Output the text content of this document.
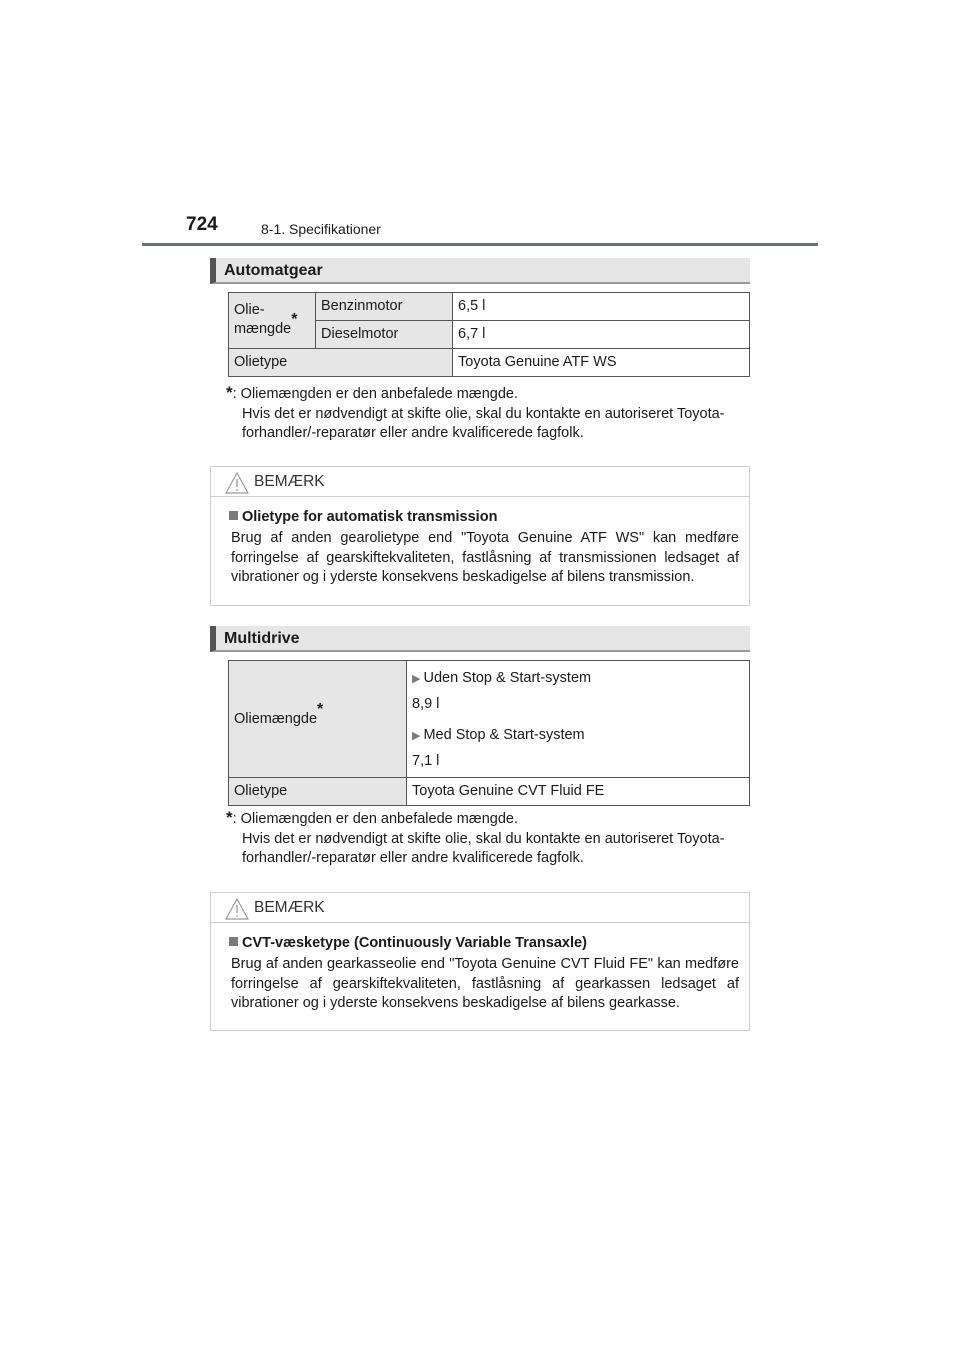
724	8-1. Specifikationer
Automatgear
Olie-
mængde*	Benzinmotor	6,5 l
	Dieselmotor	6,7 l
Olietype		Toyota Genuine ATF WS
*: Oliemængden er den anbefalede mængde.
Hvis det er nødvendigt at skifte olie, skal du kontakte en autoriseret Toyota-
forhandler/-reparatør eller andre kvalificerede fagfolk.
BEMÆRK
Olietype for automatisk transmission
Brug af anden gearolietype end "Toyota Genuine ATF WS" kan medføre forringelse af gearskiftekvaliteten, fastlåsning af transmissionen ledsaget af vibrationer og i yderste konsekvens beskadigelse af bilens transmission.
Multidrive
Oliemængde*	▶ Uden Stop & Start-system
8,9 l
▶ Med Stop & Start-system
7,1 l

Olietype	Toyota Genuine CVT Fluid FE
*: Oliemængden er den anbefalede mængde.
Hvis det er nødvendigt at skifte olie, skal du kontakte en autoriseret Toyota-
forhandler/-reparatør eller andre kvalificerede fagfolk.
BEMÆRK
CVT-væsketype (Continuously Variable Transaxle)
Brug af anden gearkasseolie end "Toyota Genuine CVT Fluid FE" kan medføre forringelse af gearskiftekvaliteten, fastlåsning af gearkassen ledsaget af vibrationer og i yderste konsekvens beskadigelse af bilens gearkasse.
